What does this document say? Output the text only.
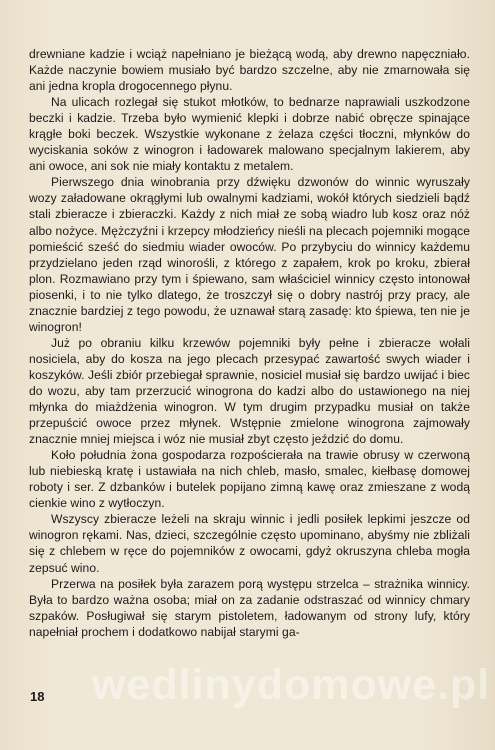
drewniane kadzie i wciąż napełniano je bieżącą wodą, aby drewno napęczniało. Każde naczynie bowiem musiało być bardzo szczelne, aby nie zmarnowała się ani jedna kropla drogocennego płynu.

Na ulicach rozlegał się stukot młotków, to bednarze naprawiali uszkodzone beczki i kadzie. Trzeba było wymienić klepki i dobrze nabić obręcze spinające krągłe boki beczek. Wszystkie wykonane z żelaza części tłoczni, młynków do wyciskania soków z winogron i ładowarek malowano specjalnym lakierem, aby ani owoce, ani sok nie miały kontaktu z metalem.

Pierwszego dnia winobrania przy dźwięku dzwonów do winnic wyruszały wozy załadowane okrągłymi lub owalnymi kadziami, wokół których siedzieli bądź stali zbieracze i zbieraczki. Każdy z nich miał ze sobą wiadro lub kosz oraz nóż albo nożyce. Mężczyźni i krzepcy młodzieńcy nieśli na plecach pojemniki mogące pomieścić sześć do siedmiu wiader owoców. Po przybyciu do winnicy każdemu przydzielano jeden rząd winorośli, z którego z zapałem, krok po kroku, zbierał plon. Rozmawiano przy tym i śpiewano, sam właściciel winnicy często intonował piosenki, i to nie tylko dlatego, że troszczył się o dobry nastrój przy pracy, ale znacznie bardziej z tego powodu, że uznawał starą zasadę: kto śpiewa, ten nie je winogron!

Już po obraniu kilku krzewów pojemniki były pełne i zbieracze wołali nosiciela, aby do kosza na jego plecach przesypać zawartość swych wiader i koszyków. Jeśli zbiór przebiegał sprawnie, nosiciel musiał się bardzo uwijać i biec do wozu, aby tam przerzucić winogrona do kadzi albo do ustawionego na niej młynka do miażdżenia winogron. W tym drugim przypadku musiał on także przepuścić owoce przez młynek. Wstępnie zmielone winogrona zajmowały znacznie mniej miejsca i wóz nie musiał zbyt często jeździć do domu.

Koło południa żona gospodarza rozpościerała na trawie obrusy w czerwoną lub niebieską kratę i ustawiała na nich chleb, masło, smalec, kiełbasę domowej roboty i ser. Z dzbanków i butelek popijano zimną kawę oraz zmieszane z wodą cienkie wino z wytłoczyn.

Wszyscy zbieracze leżeli na skraju winnic i jedli posiłek lepkimi jeszcze od winogron rękami. Nas, dzieci, szczególnie często upominano, abyśmy nie zbliżali się z chlebem w ręce do pojemników z owocami, gdyż okruszyna chleba mogła zepsuć wino.

Przerwa na posiłek była zarazem porą występu strzelca – strażnika winnicy. Była to bardzo ważna osoba; miał on za zadanie odstraszać od winnicy chmary szpaków. Posługiwał się starym pistoletem, ładowanym od strony lufy, który napełniał prochem i dodatkowo nabijał starymi ga-

wedlinydomowe.pl
18
